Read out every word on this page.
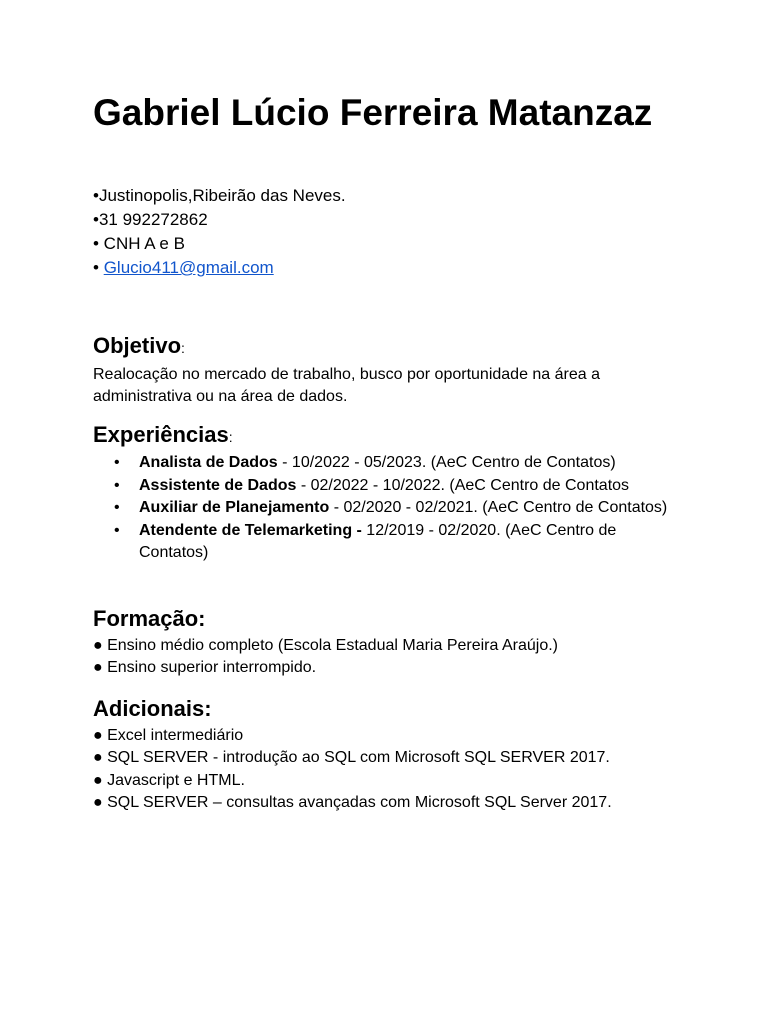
Gabriel Lúcio Ferreira Matanzaz
•Justinopolis,Ribeirão das Neves.
•31 992272862
• CNH A e B
• Glucio411@gmail.com
Objetivo:

Realocação no mercado de trabalho, busco por oportunidade na área a administrativa ou na área de dados.

Experiências:
• Analista de Dados - 10/2022 - 05/2023. (AeC Centro de Contatos)
• Assistente de Dados - 02/2022 - 10/2022. (AeC Centro de Contatos
• Auxiliar de Planejamento - 02/2020 - 02/2021. (AeC Centro de Contatos)
• Atendente de Telemarketing - 12/2019 - 02/2020. (AeC Centro de Contatos)
Formação:
● Ensino médio completo (Escola Estadual Maria Pereira Araújo.)
● Ensino superior interrompido.
Adicionais:
● Excel intermediário
● SQL SERVER - introdução ao SQL com Microsoft SQL SERVER 2017.
● Javascript e HTML.
● SQL SERVER – consultas avançadas com Microsoft SQL Server 2017.
